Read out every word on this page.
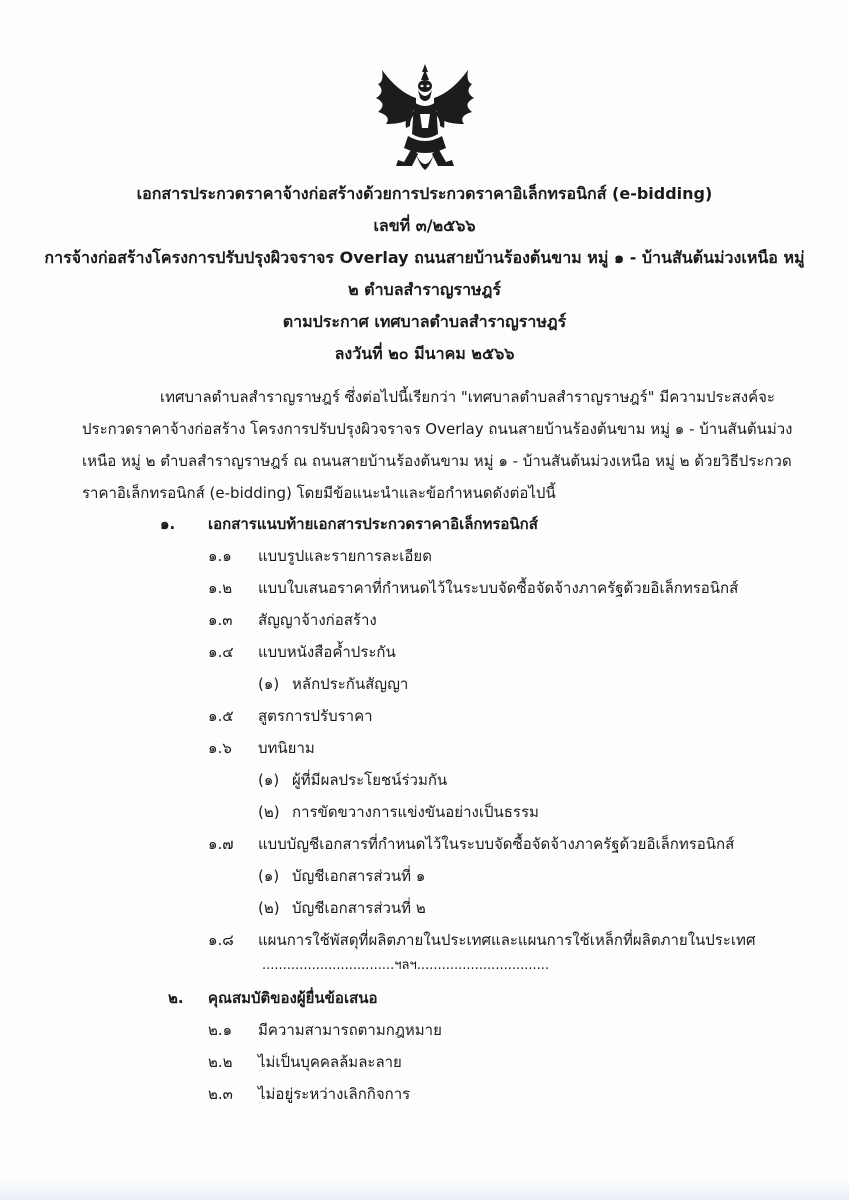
เอกสารประกวดราคาจ้างก่อสร้างด้วยการประกวดราคาอิเล็กทรอนิกส์ (e-bidding)
เลขที่ ๓/๒๕๖๖
การจ้างก่อสร้างโครงการปรับปรุงผิวจราจร Overlay ถนนสายบ้านร้องต้นขาม หมู่ ๑ - บ้านสันต้นม่วงเหนือ หมู่
๒ ตำบลสำราญราษฎร์
ตามประกาศ เทศบาลตำบลสำราญราษฎร์
ลงวันที่ ๒๐ มีนาคม ๒๕๖๖
เทศบาลตำบลสำราญราษฎร์ ซึ่งต่อไปนี้เรียกว่า "เทศบาลตำบลสำราญราษฎร์" มีความประสงค์จะ
ประกวดราคาจ้างก่อสร้าง โครงการปรับปรุงผิวจราจร Overlay ถนนสายบ้านร้องต้นขาม หมู่ ๑ - บ้านสันต้นม่วง
เหนือ หมู่ ๒ ตำบลสำราญราษฎร์ ณ ถนนสายบ้านร้องต้นขาม หมู่ ๑ - บ้านสันต้นม่วงเหนือ หมู่ ๒ ด้วยวิธีประกวด
ราคาอิเล็กทรอนิกส์ (e-bidding) โดยมีข้อแนะนำและข้อกำหนดดังต่อไปนี้
๑. เอกสารแนบท้ายเอกสารประกวดราคาอิเล็กทรอนิกส์
๑.๑ แบบรูปและรายการละเอียด
๑.๒ แบบใบเสนอราคาที่กำหนดไว้ในระบบจัดซื้อจัดจ้างภาครัฐด้วยอิเล็กทรอนิกส์
๑.๓ สัญญาจ้างก่อสร้าง
๑.๔ แบบหนังสือค้ำประกัน
(๑) หลักประกันสัญญา
๑.๕ สูตรการปรับราคา
๑.๖ บทนิยาม
(๑) ผู้ที่มีผลประโยชน์ร่วมกัน
(๒) การขัดขวางการแข่งขันอย่างเป็นธรรม
๑.๗ แบบบัญชีเอกสารที่กำหนดไว้ในระบบจัดซื้อจัดจ้างภาครัฐด้วยอิเล็กทรอนิกส์
(๑) บัญชีเอกสารส่วนที่ ๑
(๒) บัญชีเอกสารส่วนที่ ๒
๑.๘ แผนการใช้พัสดุที่ผลิตภายในประเทศและแผนการใช้เหล็กที่ผลิตภายในประเทศ
................................ฯลฯ................................
๒. คุณสมบัติของผู้ยื่นข้อเสนอ
๒.๑ มีความสามารถตามกฎหมาย
๒.๒ ไม่เป็นบุคคลล้มละลาย
๒.๓ ไม่อยู่ระหว่างเลิกกิจการ
